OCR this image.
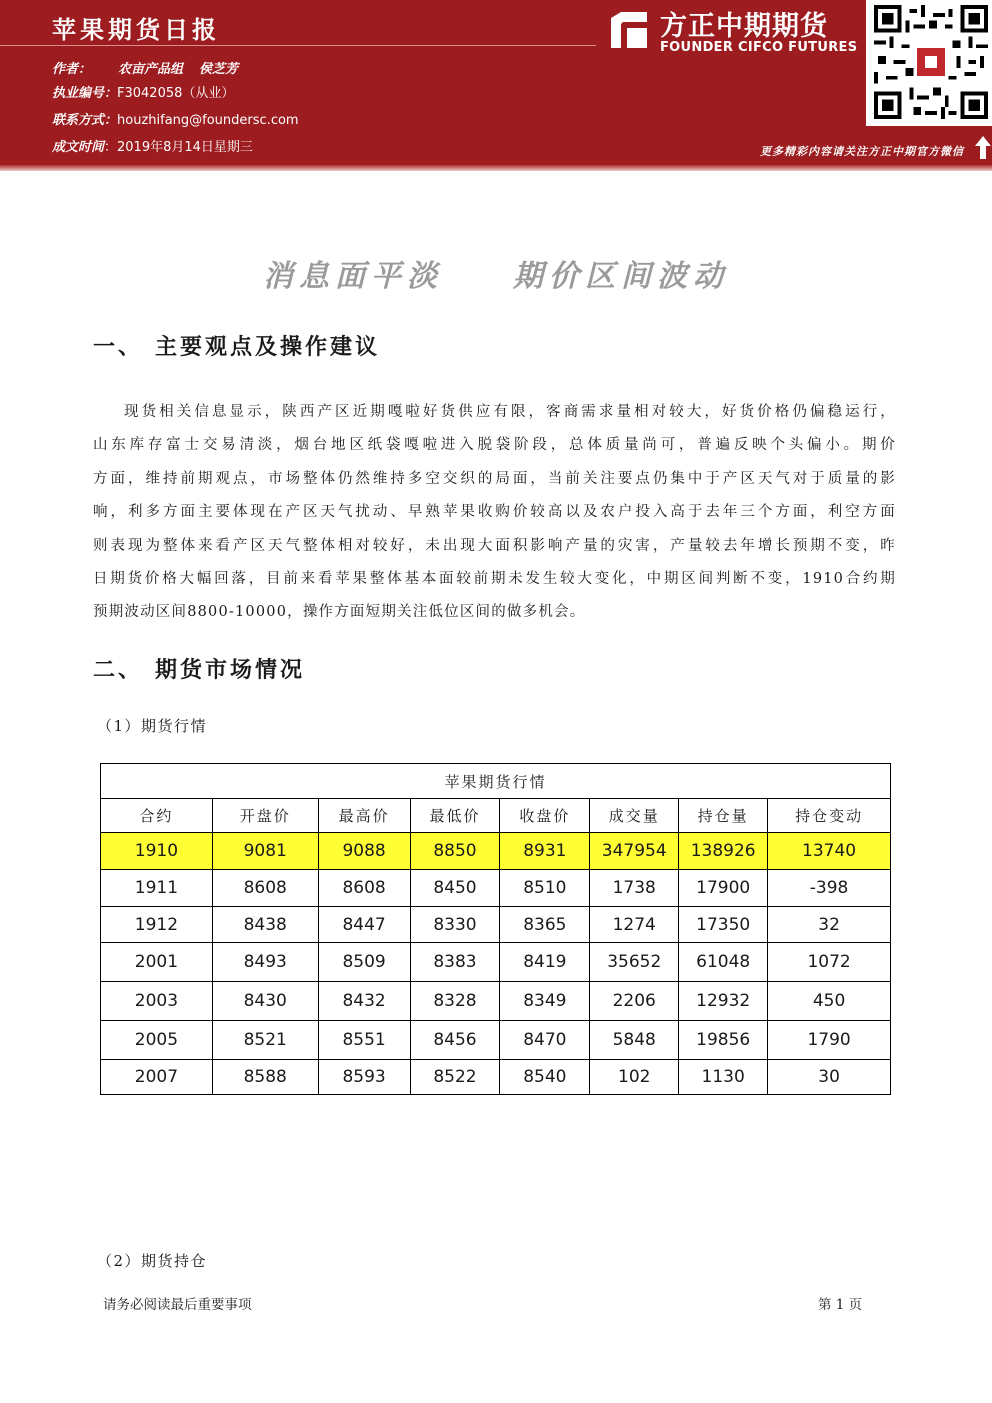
苹果期货日报
作者： 农亩产品组 侯芝芳
执业编号：F3042058（从业）
联系方式：houzhifang@foundersc.com
成文时间：2019年8月14日星期三
方正中期期货
FOUNDER CIFCO FUTURES
更多精彩内容请关注方正中期官方微信
消息面平淡 期价区间波动
一、 主要观点及操作建议
现货相关信息显示，陕西产区近期嘎啦好货供应有限，客商需求量相对较大，好货价格仍偏稳运行，
山东库存富士交易清淡，烟台地区纸袋嘎啦进入脱袋阶段，总体质量尚可，普遍反映个头偏小。期价
方面，维持前期观点，市场整体仍然维持多空交织的局面，当前关注要点仍集中于产区天气对于质量的影
响，利多方面主要体现在产区天气扰动、早熟苹果收购价较高以及农户投入高于去年三个方面，利空方面
则表现为整体来看产区天气整体相对较好，未出现大面积影响产量的灾害，产量较去年增长预期不变，昨
日期货价格大幅回落，目前来看苹果整体基本面较前期未发生较大变化，中期区间判断不变，1910合约期
预期波动区间8800-10000，操作方面短期关注低位区间的做多机会。
二、 期货市场情况
（1）期货行情
苹果期货行情							
合约	开盘价	最高价	最低价	收盘价	成交量	持仓量	持仓变动
1910	9081	9088	8850	8931	347954	138926	13740
1911	8608	8608	8450	8510	1738	17900	-398
1912	8438	8447	8330	8365	1274	17350	32
2001	8493	8509	8383	8419	35652	61048	1072
2003	8430	8432	8328	8349	2206	12932	450
2005	8521	8551	8456	8470	5848	19856	1790
2007	8588	8593	8522	8540	102	1130	30
（2）期货持仓
请务必阅读最后重要事项	第 1 页
